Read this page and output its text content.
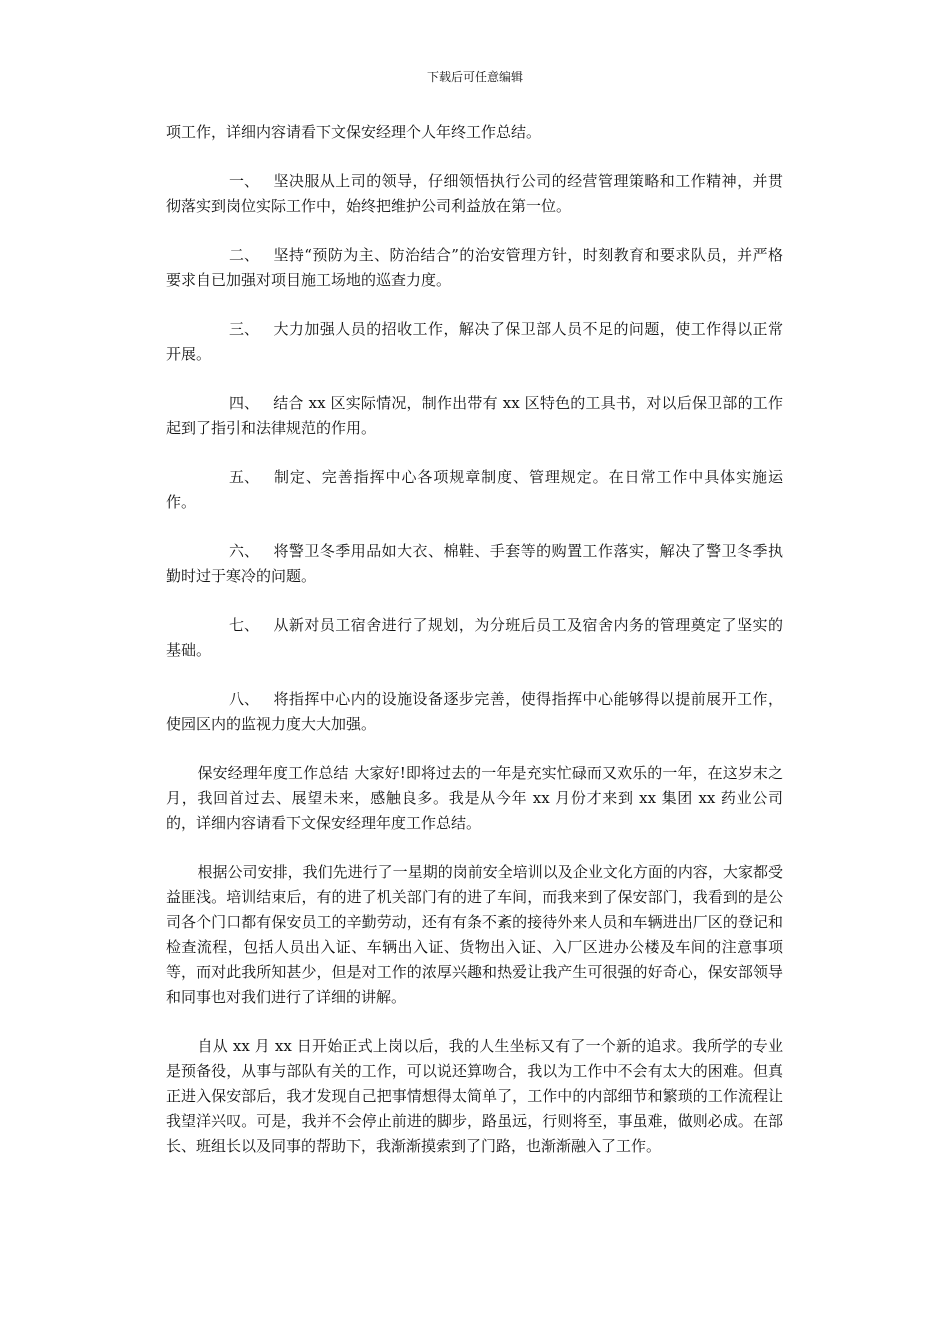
下载后可任意编辑

项工作，详细内容请看下文保安经理个人年终工作总结。

一、 坚决服从上司的领导，仔细领悟执行公司的经营管理策略和工作精神，并贯彻落实到岗位实际工作中，始终把维护公司利益放在第一位。

二、 坚持“预防为主、防治结合”的治安管理方针，时刻教育和要求队员，并严格要求自已加强对项目施工场地的巡查力度。

三、 大力加强人员的招收工作，解决了保卫部人员不足的问题，使工作得以正常开展。

四、 结合 xx 区实际情况，制作出带有 xx 区特色的工具书，对以后保卫部的工作起到了指引和法律规范的作用。

五、 制定、完善指挥中心各项规章制度、管理规定。在日常工作中具体实施运作。

六、 将警卫冬季用品如大衣、棉鞋、手套等的购置工作落实，解决了警卫冬季执勤时过于寒冷的问题。

七、 从新对员工宿舍进行了规划，为分班后员工及宿舍内务的管理奠定了坚实的基础。

八、 将指挥中心内的设施设备逐步完善，使得指挥中心能够得以提前展开工作，使园区内的监视力度大大加强。

保安经理年度工作总结 大家好!即将过去的一年是充实忙碌而又欢乐的一年，在这岁末之月，我回首过去、展望未来，感触良多。我是从今年 xx 月份才来到 xx 集团 xx 药业公司的，详细内容请看下文保安经理年度工作总结。

根据公司安排，我们先进行了一星期的岗前安全培训以及企业文化方面的内容，大家都受益匪浅。培训结束后，有的进了机关部门有的进了车间，而我来到了保安部门，我看到的是公司各个门口都有保安员工的辛勤劳动，还有有条不紊的接待外来人员和车辆进出厂区的登记和检查流程，包括人员出入证、车辆出入证、货物出入证、入厂区进办公楼及车间的注意事项等，而对此我所知甚少，但是对工作的浓厚兴趣和热爱让我产生可很强的好奇心，保安部领导和同事也对我们进行了详细的讲解。

自从 xx 月 xx 日开始正式上岗以后，我的人生坐标又有了一个新的追求。我所学的专业是预备役，从事与部队有关的工作，可以说还算吻合，我以为工作中不会有太大的困难。但真正进入保安部后，我才发现自己把事情想得太简单了，工作中的内部细节和繁琐的工作流程让我望洋兴叹。可是，我并不会停止前进的脚步，路虽远，行则将至，事虽难，做则必成。在部长、班组长以及同事的帮助下，我渐渐摸索到了门路，也渐渐融入了工作。
